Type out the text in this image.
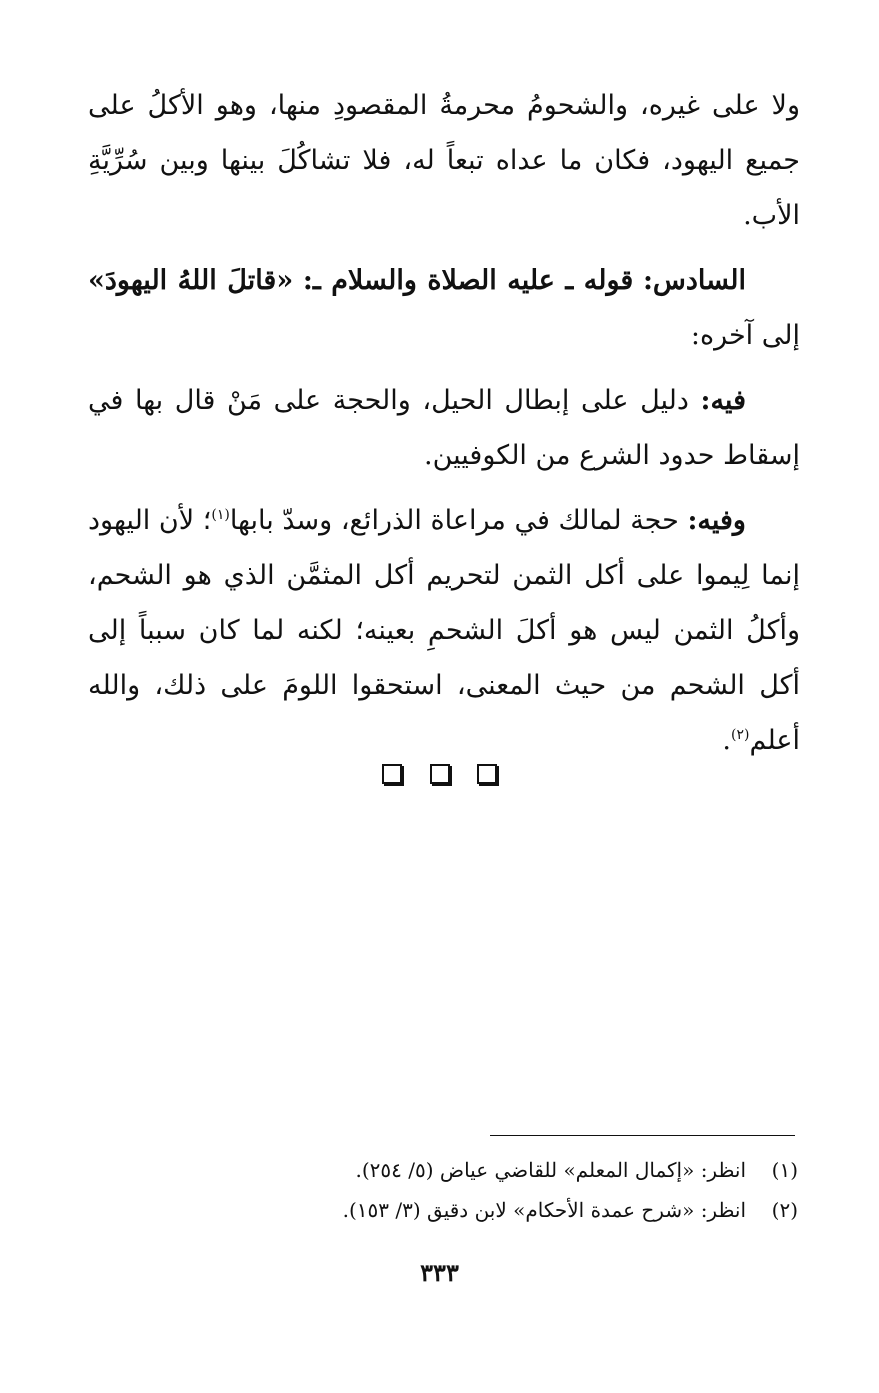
ولا على غيره، والشحومُ محرمةُ المقصودِ منها، وهو الأكلُ على جميع اليهود، فكان ما عداه تبعاً له، فلا تشاكُلَ بينها وبين سُرِّيَّةِ الأب.

السادس: قوله ـ عليه الصلاة والسلام ـ: «قاتلَ اللهُ اليهودَ» إلى آخره:

فيه: دليل على إبطال الحيل، والحجة على مَنْ قال بها في إسقاط حدود الشرع من الكوفيين.

وفيه: حجة لمالك في مراعاة الذرائع، وسدّ بابها$^{(١)}$؛ لأن اليهود إنما لِيموا على أكل الثمن لتحريم أكل المثمَّن الذي هو الشحم، وأكلُ الثمن ليس هو أكلَ الشحمِ بعينه؛ لكنه لما كان سبباً إلى أكل الشحم من حيث المعنى، استحقوا اللومَ على ذلك، والله أعلم$^{(٢)}$.

(١)انظر: «إكمال المعلم» للقاضي عياض (٥/ ٢٥٤).

(٢)انظر: «شرح عمدة الأحكام» لابن دقيق (٣/ ١٥٣).

٣٣٣
